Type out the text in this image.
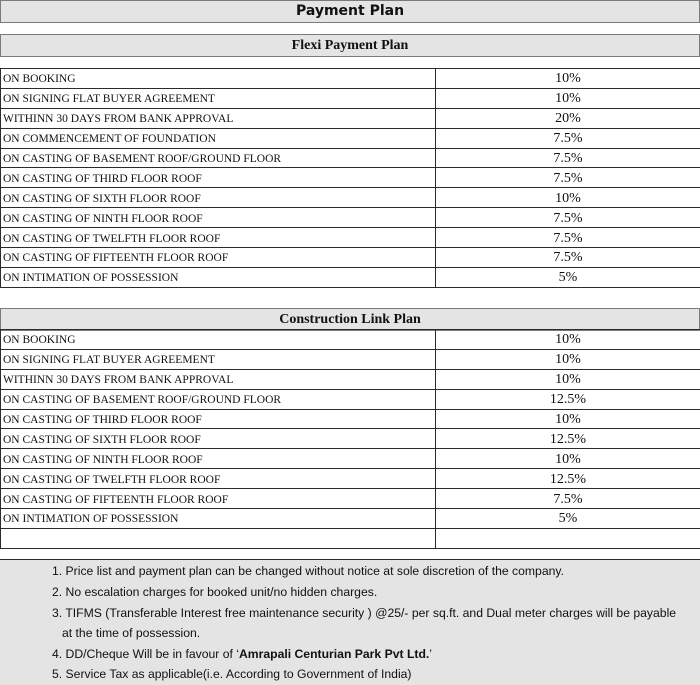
Payment Plan
Flexi Payment Plan
ON BOOKING	10%
ON SIGNING FLAT BUYER AGREEMENT	10%
WITHINN 30 DAYS FROM BANK APPROVAL	20%
ON COMMENCEMENT OF FOUNDATION	7.5%
ON CASTING OF BASEMENT ROOF/GROUND FLOOR	7.5%
ON CASTING OF THIRD FLOOR ROOF	7.5%
ON CASTING OF SIXTH FLOOR ROOF	10%
ON CASTING OF NINTH FLOOR ROOF	7.5%
ON CASTING OF TWELFTH FLOOR ROOF	7.5%
ON CASTING OF FIFTEENTH FLOOR ROOF	7.5%
ON INTIMATION OF POSSESSION	5%
Construction Link Plan
ON BOOKING	10%
ON SIGNING FLAT BUYER AGREEMENT	10%
WITHINN 30 DAYS FROM BANK APPROVAL	10%
ON CASTING OF BASEMENT ROOF/GROUND FLOOR	12.5%
ON CASTING OF THIRD FLOOR ROOF	10%
ON CASTING OF SIXTH FLOOR ROOF	12.5%
ON CASTING OF NINTH FLOOR ROOF	10%
ON CASTING OF TWELFTH FLOOR ROOF	12.5%
ON CASTING OF FIFTEENTH FLOOR ROOF	7.5%
ON INTIMATION OF POSSESSION	5%

1. Price list and payment plan can be changed without notice at sole discretion of the company.
2. No escalation charges for booked unit/no hidden charges.
3. TIFMS (Transferable Interest free maintenance security ) @25/- per sq.ft. and Dual meter charges will be payable
at the time of possession.
4. DD/Cheque Will be in favour of ‘Amrapali Centurian Park Pvt Ltd.’
5. Service Tax as applicable(i.e. According to Government of India)
